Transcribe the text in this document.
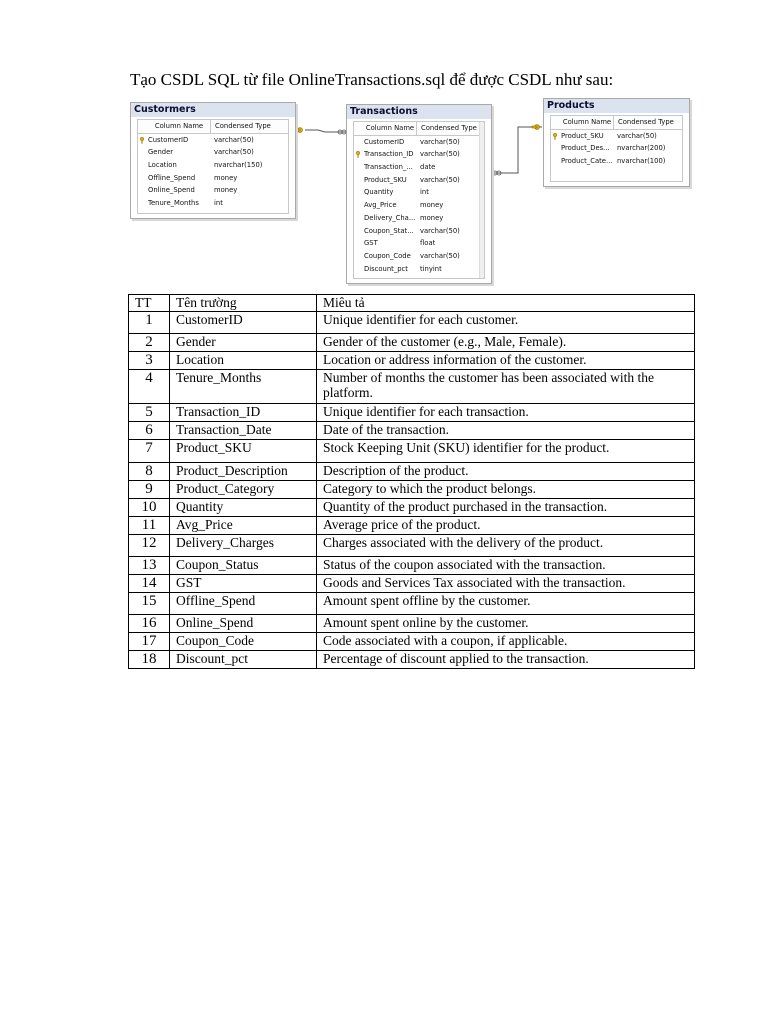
Tạo CSDL SQL từ file OnlineTransactions.sql để được CSDL như sau:
Custormers
Column Name	Condensed Type
CustomerID	varchar(50)
Gender	varchar(50)
Location	nvarchar(150)
Offline_Spend	money
Online_Spend	money
Tenure_Months	int
Transactions
Column Name	Condensed Type
CustomerID	varchar(50)
Transaction_ID varchar(50)
Transaction_...	date
Product_SKU	varchar(50)
Quantity	int
Avg_Price	money
Delivery_Cha... money
Coupon_Stat... varchar(50)
GST	float
Coupon_Code	varchar(50)
Discount_pct	tinyint
Products
Column Name	Condensed Type
Product_SKU	varchar(50)
Product_Des...	nvarchar(200)
Product_Cate... nvarchar(100)
TT	Tên trường	Miêu tả
1	CustomerID	Unique identifier for each customer.
2	Gender	Gender of the customer (e.g., Male, Female).
3	Location	Location or address information of the customer.
4	Tenure_Months	Number of months the customer has been associated with the platform.
5	Transaction_ID	Unique identifier for each transaction.
6	Transaction_Date	Date of the transaction.
7	Product_SKU	Stock Keeping Unit (SKU) identifier for the product.
8	Product_Description	Description of the product.
9	Product_Category	Category to which the product belongs.
10	Quantity	Quantity of the product purchased in the transaction.
11	Avg_Price	Average price of the product.
12	Delivery_Charges	Charges associated with the delivery of the product.
13	Coupon_Status	Status of the coupon associated with the transaction.
14	GST	Goods and Services Tax associated with the transaction.
15	Offline_Spend	Amount spent offline by the customer.
16	Online_Spend	Amount spent online by the customer.
17	Coupon_Code	Code associated with a coupon, if applicable.
18	Discount_pct	Percentage of discount applied to the transaction.
